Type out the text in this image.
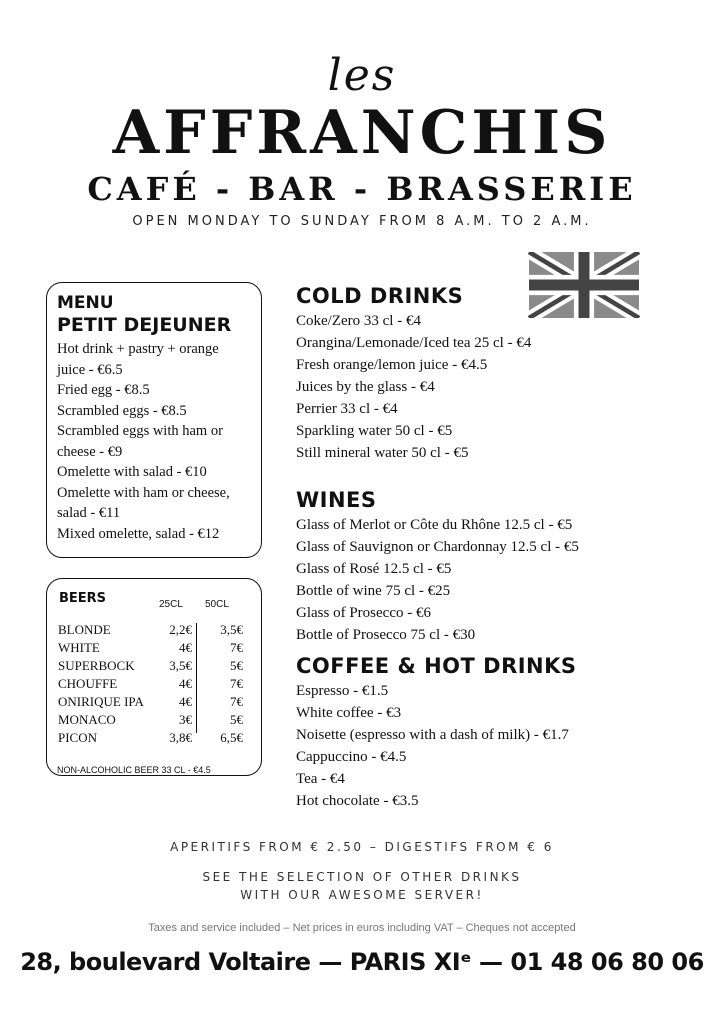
les
AFFRANCHIS
CAFÉ - BAR - BRASSERIE
OPEN MONDAY TO SUNDAY FROM 8 A.M. TO 2 A.M.
MENU
PETIT DEJEUNER
Hot drink + pastry + orange
juice - €6.5
Fried egg - €8.5
Scrambled eggs - €8.5
Scrambled eggs with ham or
cheese - €9
Omelette with salad - €10
Omelette with ham or cheese,
salad - €11
Mixed omelette, salad - €12
BEERS	25CL 50CL
BLONDE	2,2€	3,5€
WHITE	4€	7€
SUPERBOCK	3,5€	5€
CHOUFFE	4€	7€
ONIRIQUE IPA	4€	7€
MONACO	3€	5€
PICON	3,8€	6,5€
NON-ALCOHOLIC BEER 33 CL - €4.5
COLD DRINKS
Coke/Zero 33 cl - €4
Orangina/Lemonade/Iced tea 25 cl - €4
Fresh orange/lemon juice - €4.5
Juices by the glass - €4
Perrier 33 cl - €4
Sparkling water 50 cl - €5
Still mineral water 50 cl - €5
WINES
Glass of Merlot or Côte du Rhône 12.5 cl - €5
Glass of Sauvignon or Chardonnay 12.5 cl - €5
Glass of Rosé 12.5 cl - €5
Bottle of wine 75 cl - €25
Glass of Prosecco - €6
Bottle of Prosecco 75 cl - €30
COFFEE & HOT DRINKS
Espresso - €1.5
White coffee - €3
Noisette (espresso with a dash of milk) - €1.7
Cappuccino - €4.5
Tea - €4
Hot chocolate - €3.5
APERITIFS FROM € 2.50 – DIGESTIFS FROM € 6
SEE THE SELECTION OF OTHER DRINKS
WITH OUR AWESOME SERVER!
Taxes and service included – Net prices in euros including VAT – Cheques not accepted
28, boulevard Voltaire — PARIS XIᵉ — 01 48 06 80 06
